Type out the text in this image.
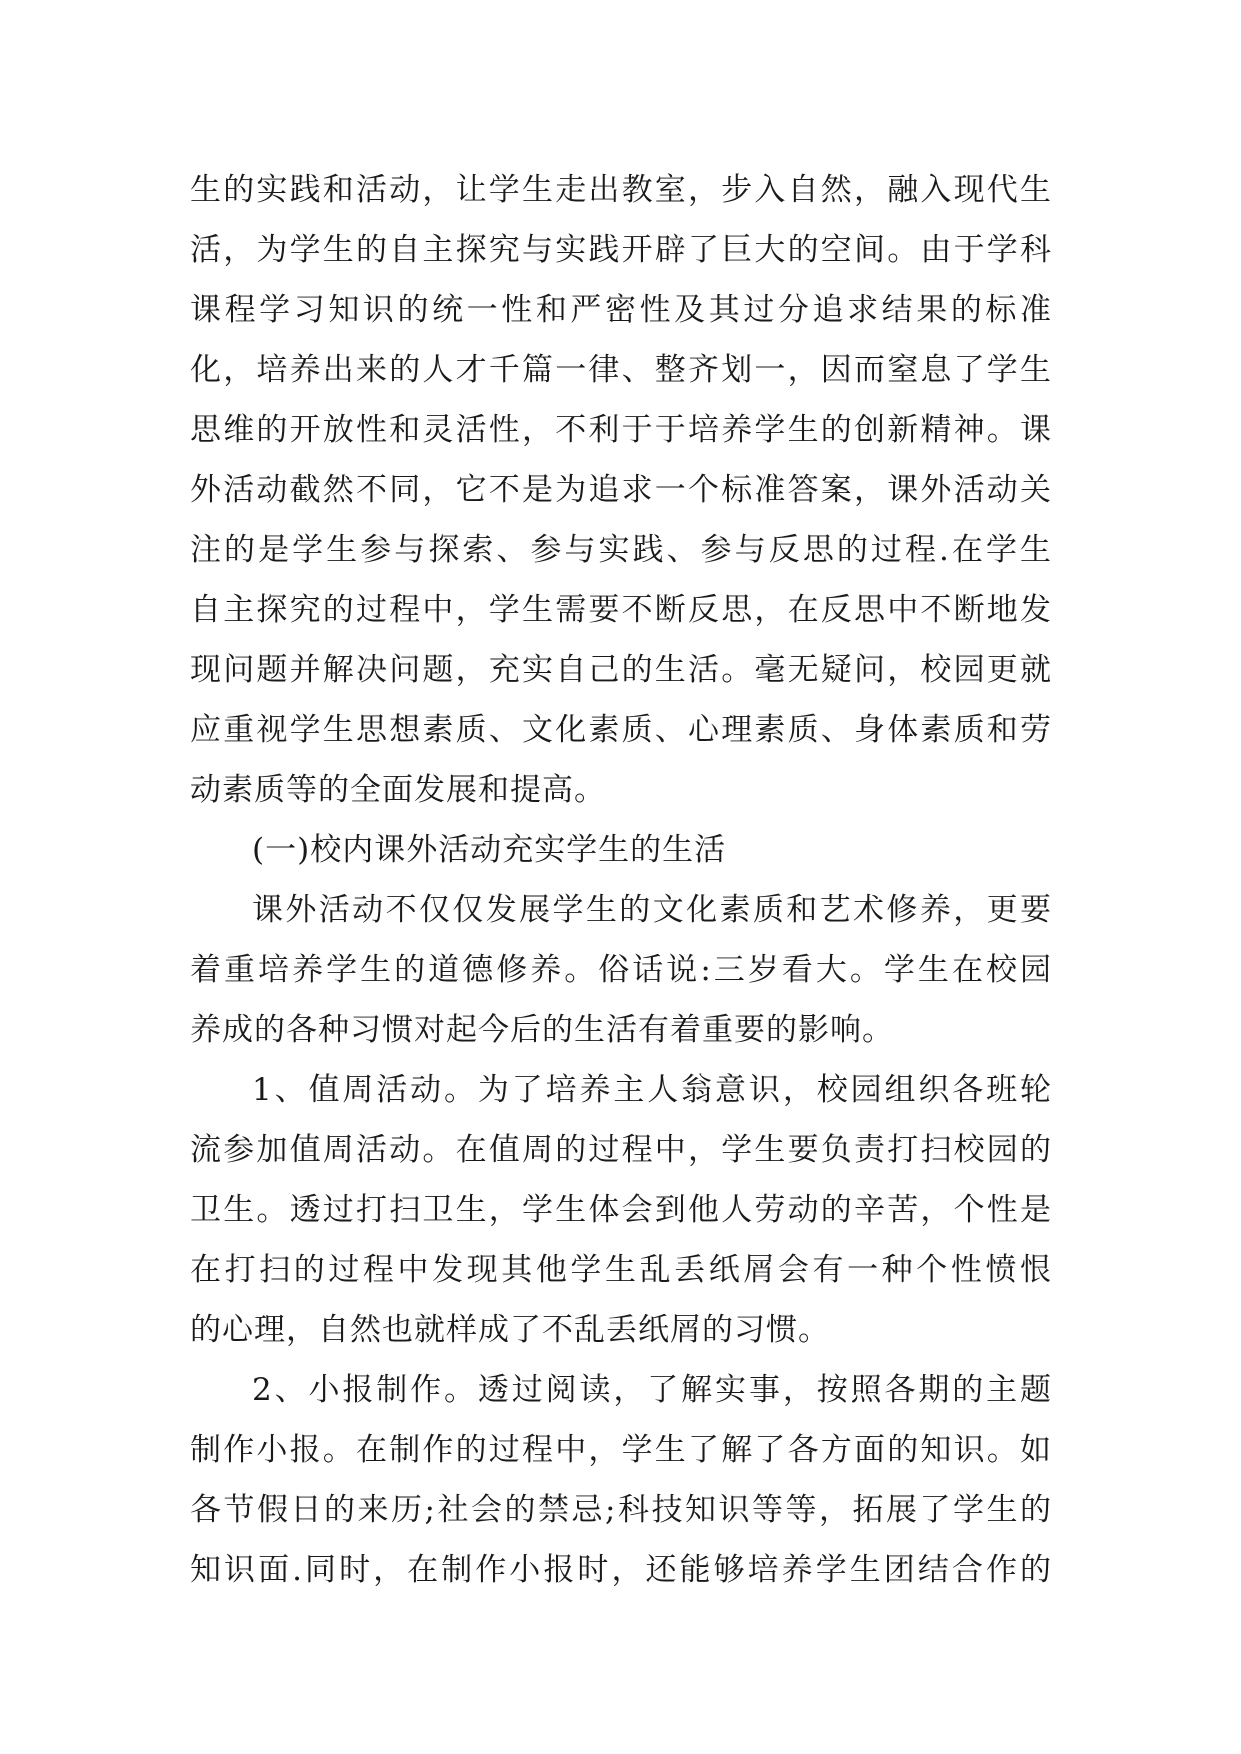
生的实践和活动，让学生走出教室，步入自然，融入现代生
活，为学生的自主探究与实践开辟了巨大的空间。由于学科
课程学习知识的统一性和严密性及其过分追求结果的标准
化，培养出来的人才千篇一律、整齐划一，因而窒息了学生
思维的开放性和灵活性，不利于于培养学生的创新精神。课
外活动截然不同，它不是为追求一个标准答案，课外活动关
注的是学生参与探索、参与实践、参与反思的过程.在学生
自主探究的过程中，学生需要不断反思，在反思中不断地发
现问题并解决问题，充实自己的生活。毫无疑问，校园更就
应重视学生思想素质、文化素质、心理素质、身体素质和劳
动素质等的全面发展和提高。
(一)校内课外活动充实学生的生活
课外活动不仅仅发展学生的文化素质和艺术修养，更要
着重培养学生的道德修养。俗话说:三岁看大。学生在校园
养成的各种习惯对起今后的生活有着重要的影响。
1、值周活动。为了培养主人翁意识，校园组织各班轮
流参加值周活动。在值周的过程中，学生要负责打扫校园的
卫生。透过打扫卫生，学生体会到他人劳动的辛苦，个性是
在打扫的过程中发现其他学生乱丢纸屑会有一种个性愤恨
的心理，自然也就样成了不乱丢纸屑的习惯。
2、小报制作。透过阅读，了解实事，按照各期的主题
制作小报。在制作的过程中，学生了解了各方面的知识。如
各节假日的来历;社会的禁忌;科技知识等等，拓展了学生的
知识面.同时，在制作小报时，还能够培养学生团结合作的
